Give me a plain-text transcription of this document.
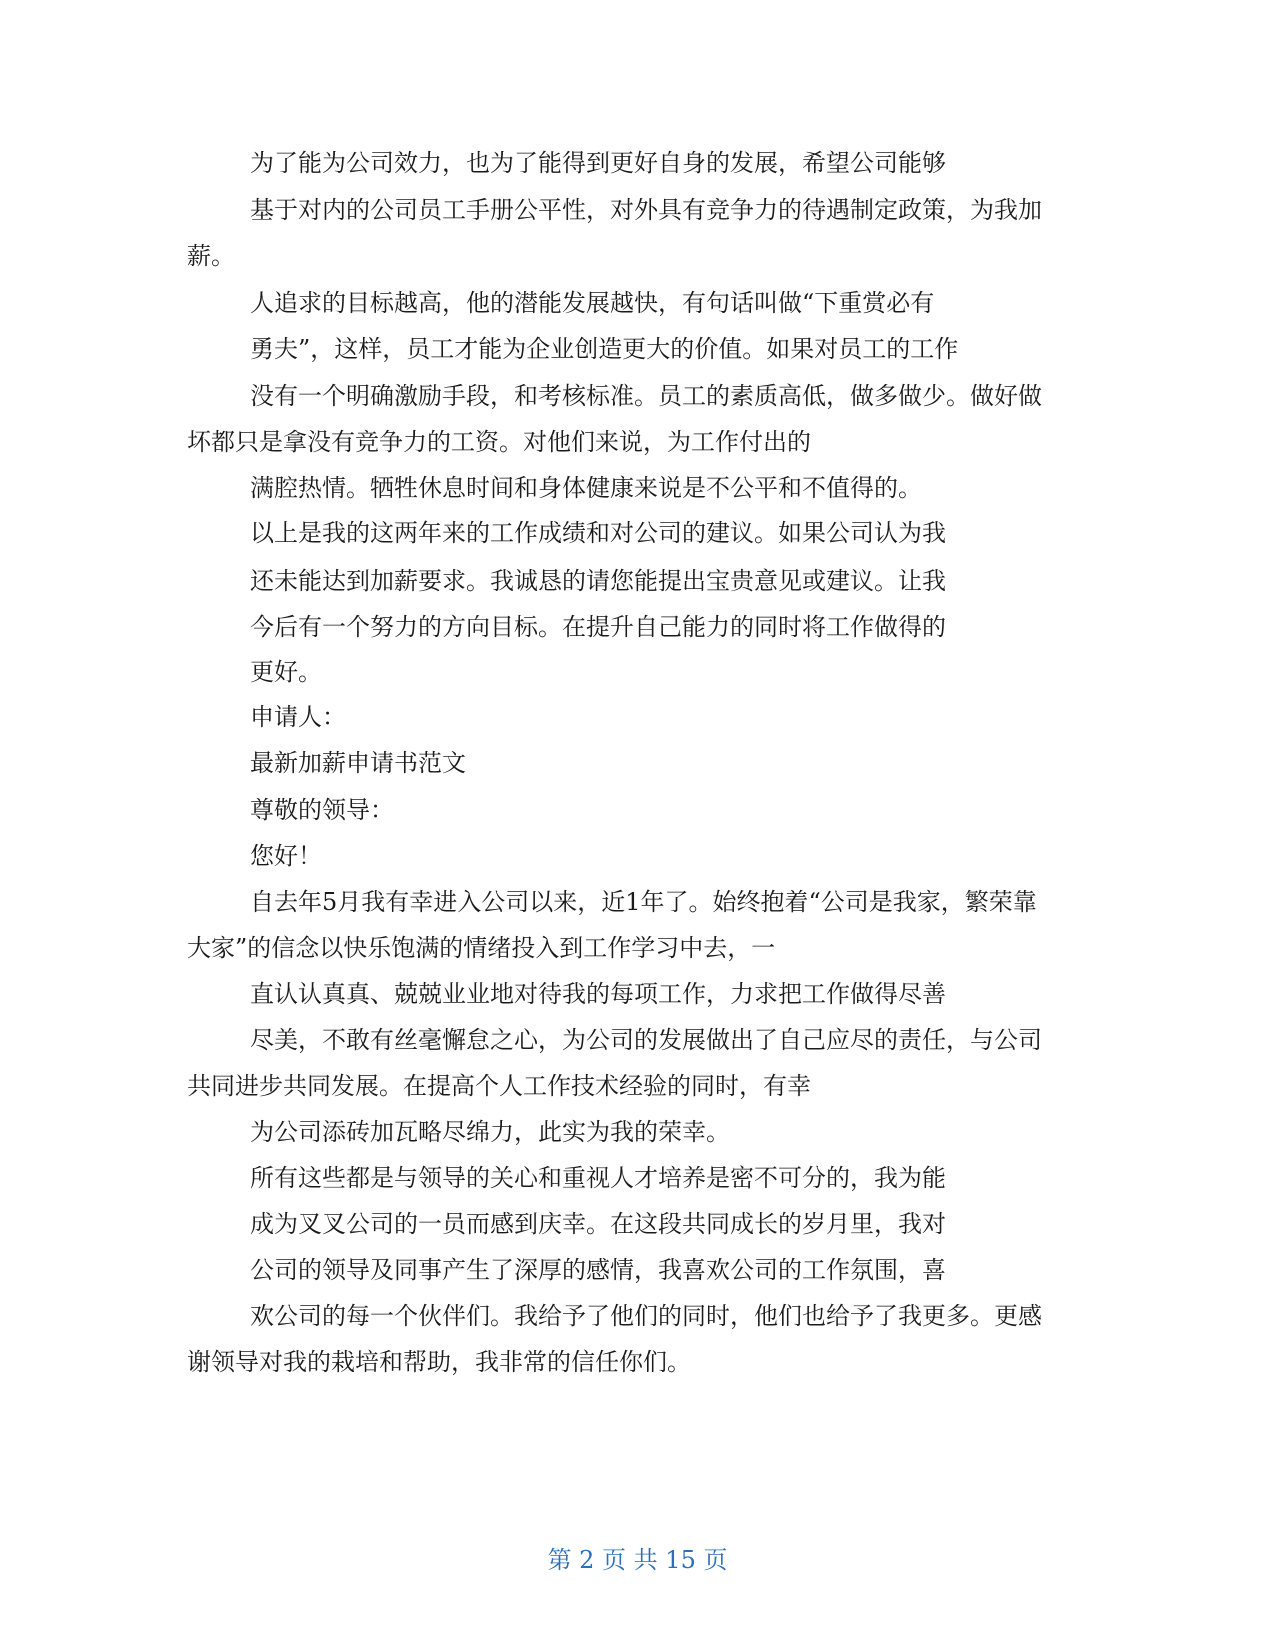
为了能为公司效力，也为了能得到更好自身的发展，希望公司能够

基于对内的公司员工手册公平性，对外具有竞争力的待遇制定政策，为我加

薪。

人追求的目标越高，他的潜能发展越快，有句话叫做“下重赏必有

勇夫”，这样，员工才能为企业创造更大的价值。如果对员工的工作

没有一个明确激励手段，和考核标准。员工的素质高低，做多做少。做好做

坏都只是拿没有竞争力的工资。对他们来说，为工作付出的

满腔热情。牺牲休息时间和身体健康来说是不公平和不值得的。

以上是我的这两年来的工作成绩和对公司的建议。如果公司认为我

还未能达到加薪要求。我诚恳的请您能提出宝贵意见或建议。让我

今后有一个努力的方向目标。在提升自己能力的同时将工作做得的

更好。

申请人：

最新加薪申请书范文

尊敬的领导：

您好！

自去年5月我有幸进入公司以来，近1年了。始终抱着“公司是我家，繁荣靠

大家”的信念以快乐饱满的情绪投入到工作学习中去，一

直认认真真、兢兢业业地对待我的每项工作，力求把工作做得尽善

尽美，不敢有丝毫懈怠之心，为公司的发展做出了自己应尽的责任，与公司

共同进步共同发展。在提高个人工作技术经验的同时，有幸

为公司添砖加瓦略尽绵力，此实为我的荣幸。

所有这些都是与领导的关心和重视人才培养是密不可分的，我为能

成为叉叉公司的一员而感到庆幸。在这段共同成长的岁月里，我对

公司的领导及同事产生了深厚的感情，我喜欢公司的工作氛围，喜

欢公司的每一个伙伴们。我给予了他们的同时，他们也给予了我更多。更感

谢领导对我的栽培和帮助，我非常的信任你们。

第 2 页 共 15 页
